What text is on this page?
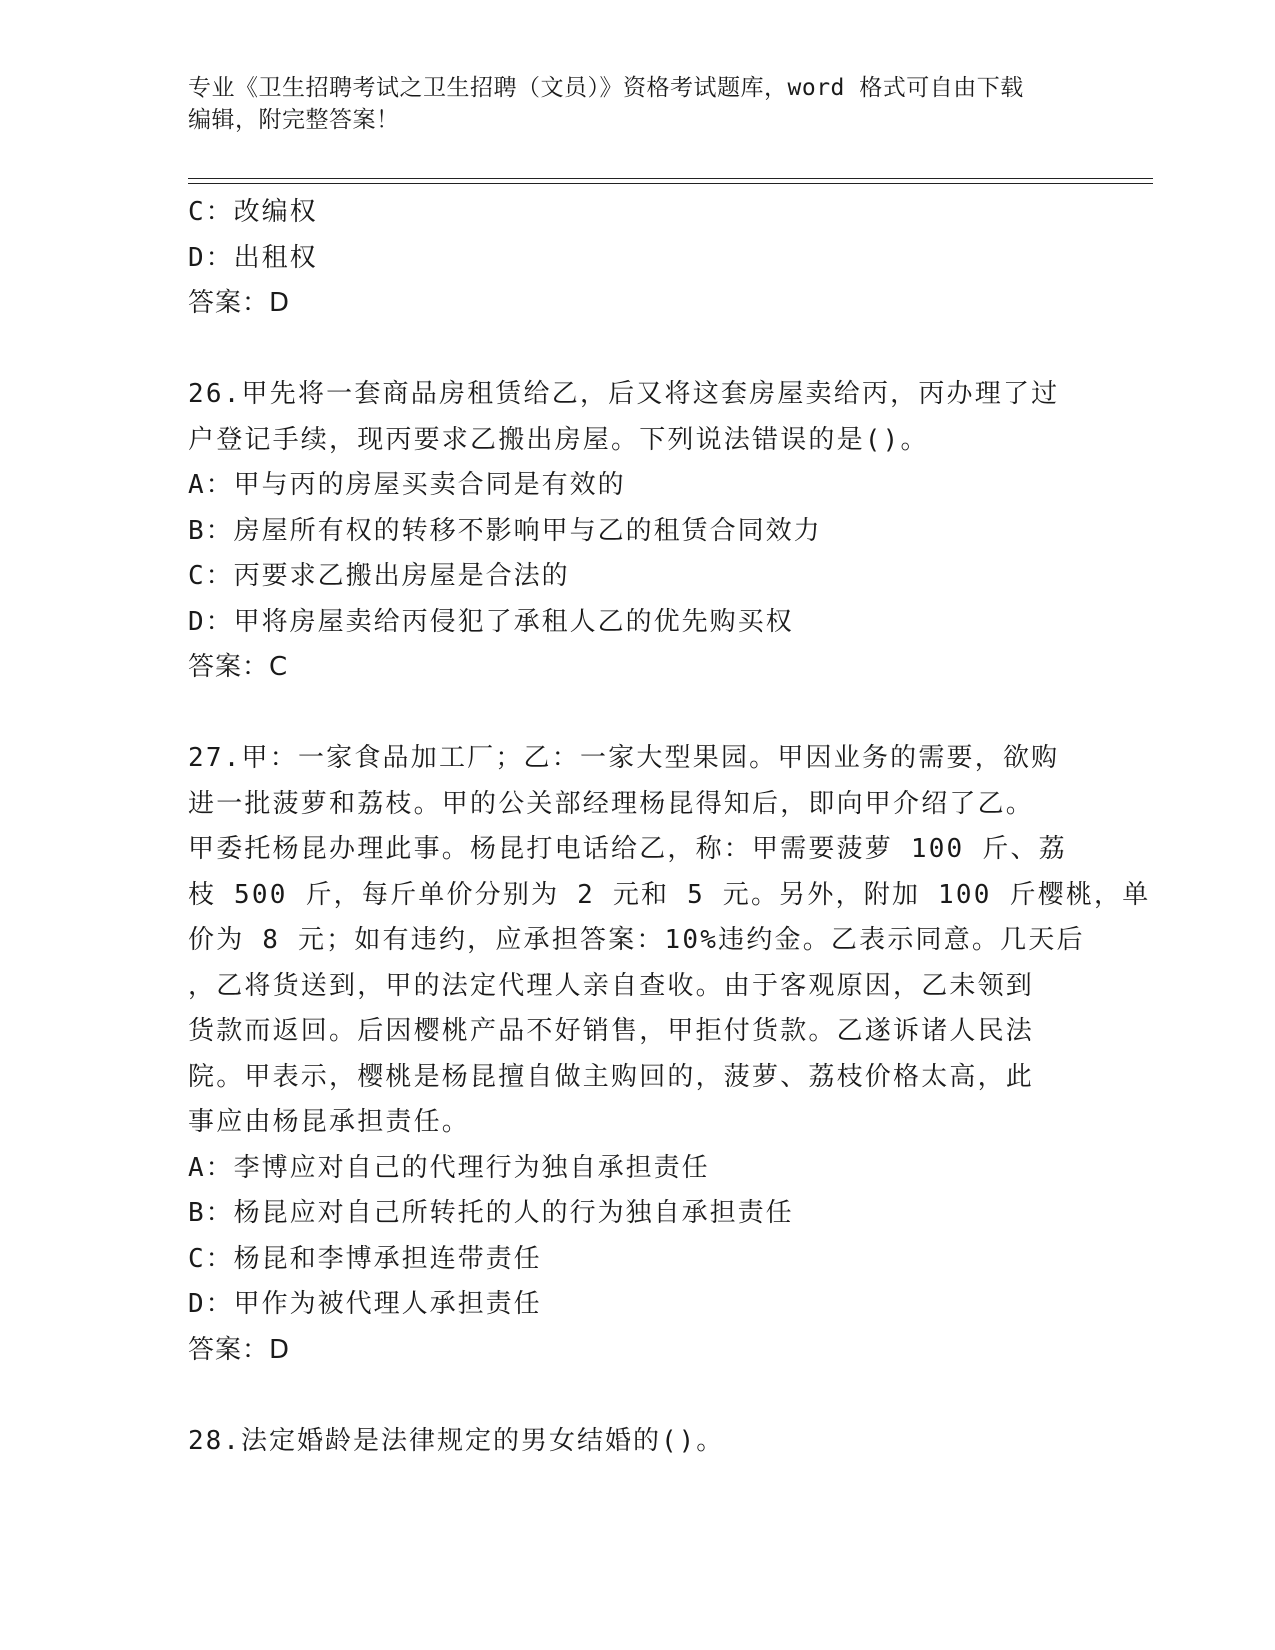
专业《卫生招聘考试之卫生招聘（文员）》资格考试题库，word 格式可自由下载
编辑，附完整答案！
C：改编权
D：出租权
答案：D
26.甲先将一套商品房租赁给乙，后又将这套房屋卖给丙，丙办理了过
户登记手续，现丙要求乙搬出房屋。下列说法错误的是()。
A：甲与丙的房屋买卖合同是有效的
B：房屋所有权的转移不影响甲与乙的租赁合同效力
C：丙要求乙搬出房屋是合法的
D：甲将房屋卖给丙侵犯了承租人乙的优先购买权
答案：C
27.甲：一家食品加工厂；乙：一家大型果园。甲因业务的需要，欲购
进一批菠萝和荔枝。甲的公关部经理杨昆得知后，即向甲介绍了乙。
甲委托杨昆办理此事。杨昆打电话给乙，称：甲需要菠萝 100 斤、荔
枝 500 斤，每斤单价分别为 2 元和 5 元。另外，附加 100 斤樱桃，单
价为 8 元；如有违约，应承担答案：10%违约金。乙表示同意。几天后
，乙将货送到，甲的法定代理人亲自查收。由于客观原因，乙未领到
货款而返回。后因樱桃产品不好销售，甲拒付货款。乙遂诉诸人民法
院。甲表示，樱桃是杨昆擅自做主购回的，菠萝、荔枝价格太高，此
事应由杨昆承担责任。
A：李博应对自己的代理行为独自承担责任
B：杨昆应对自己所转托的人的行为独自承担责任
C：杨昆和李博承担连带责任
D：甲作为被代理人承担责任
答案：D
28.法定婚龄是法律规定的男女结婚的()。
